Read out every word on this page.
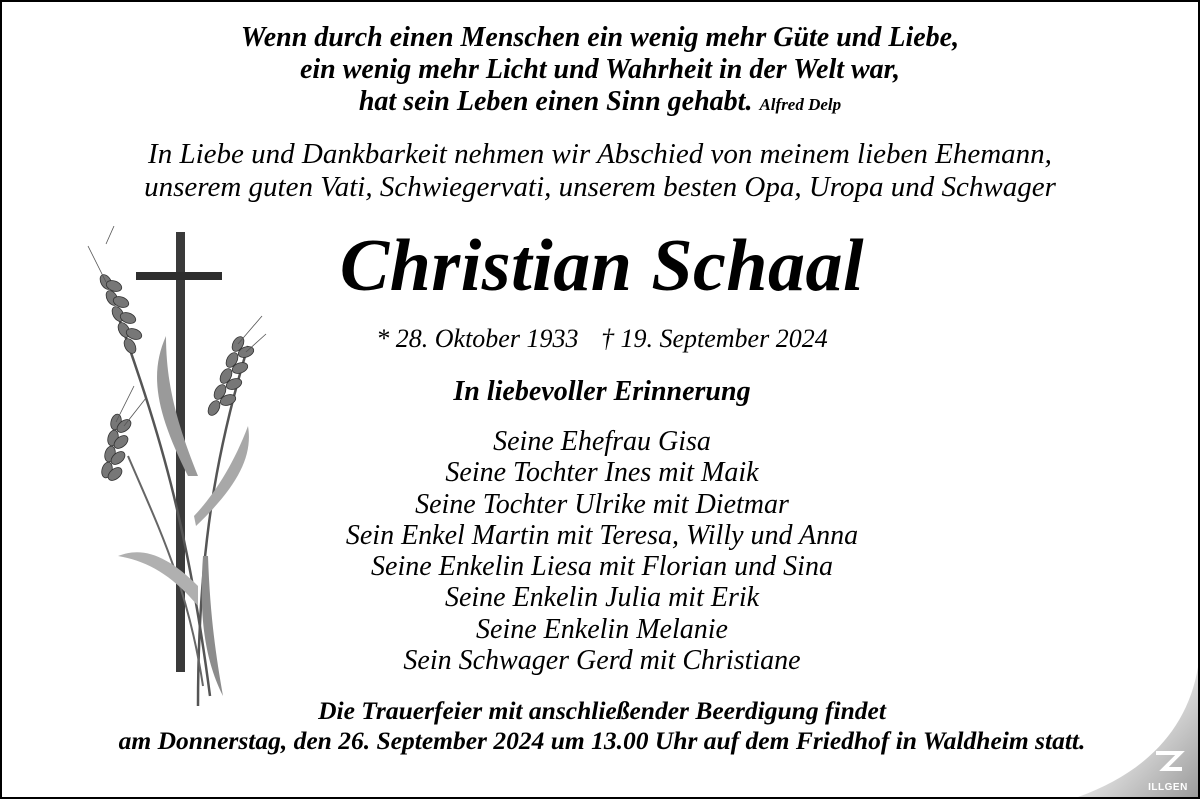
Wenn durch einen Menschen ein wenig mehr Güte und Liebe,
ein wenig mehr Licht und Wahrheit in der Welt war,
hat sein Leben einen Sinn gehabt. Alfred Delp
In Liebe und Dankbarkeit nehmen wir Abschied von meinem lieben Ehemann,
unserem guten Vati, Schwiegervati, unserem besten Opa, Uropa und Schwager
Christian Schaal
* 28. Oktober 1933 † 19. September 2024
In liebevoller Erinnerung
Seine Ehefrau Gisa
Seine Tochter Ines mit Maik
Seine Tochter Ulrike mit Dietmar
Sein Enkel Martin mit Teresa, Willy und Anna
Seine Enkelin Liesa mit Florian und Sina
Seine Enkelin Julia mit Erik
Seine Enkelin Melanie
Sein Schwager Gerd mit Christiane
Die Trauerfeier mit anschließender Beerdigung findet
am Donnerstag, den 26. September 2024 um 13.00 Uhr auf dem Friedhof in Waldheim statt.
ILLGEN
